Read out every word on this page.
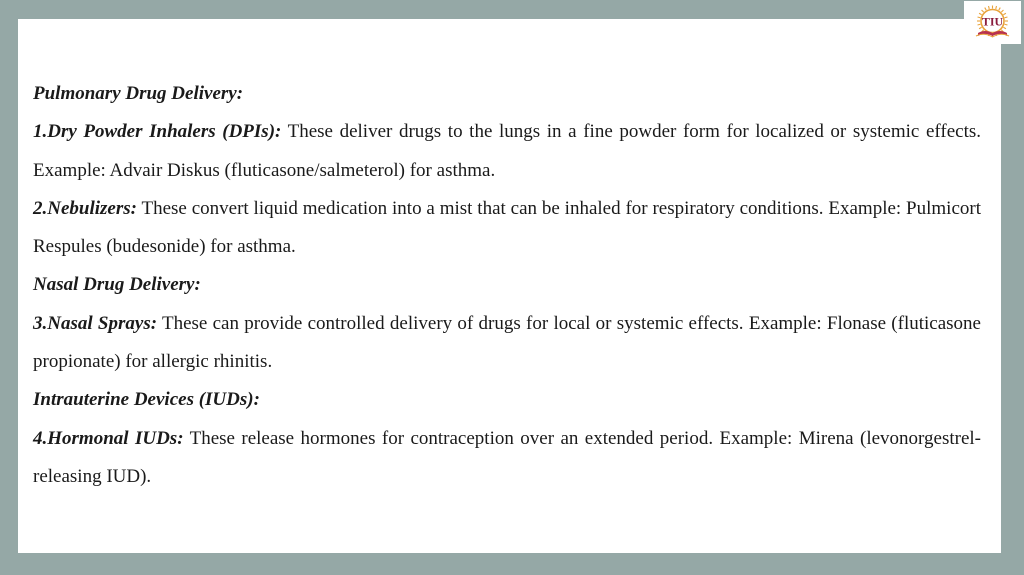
Pulmonary Drug Delivery:

1.Dry Powder Inhalers (DPIs): These deliver drugs to the lungs in a fine powder form for localized or systemic effects. Example: Advair Diskus (fluticasone/salmeterol) for asthma.

2.Nebulizers: These convert liquid medication into a mist that can be inhaled for respiratory conditions. Example: Pulmicort Respules (budesonide) for asthma.

Nasal Drug Delivery:

3.Nasal Sprays: These can provide controlled delivery of drugs for local or systemic effects. Example: Flonase (fluticasone propionate) for allergic rhinitis.

Intrauterine Devices (IUDs):

4.Hormonal IUDs: These release hormones for contraception over an extended period. Example: Mirena (levonorgestrel-releasing IUD).

TIU
